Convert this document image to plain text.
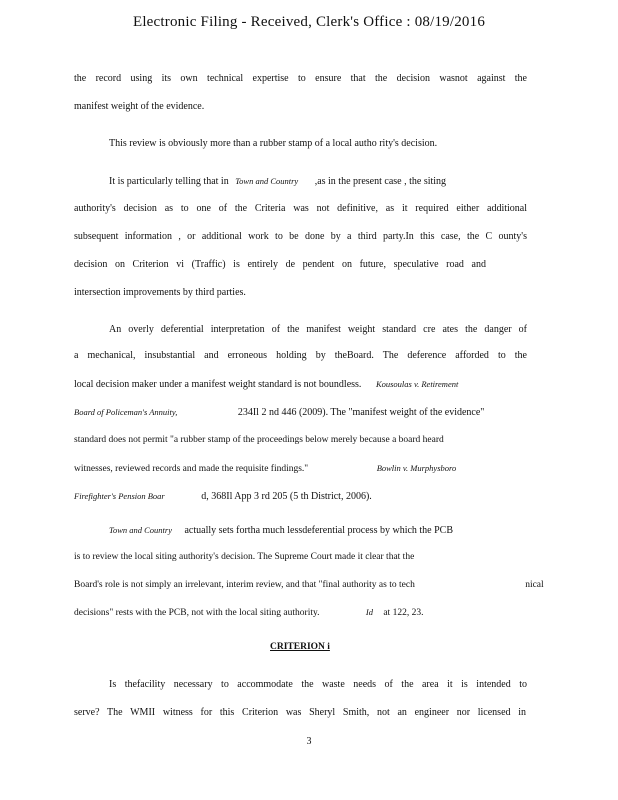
Electronic Filing - Received, Clerk's Office : 08/19/2016
the record using its own technical expertise to ensure that the decision wasnot against the
manifest weight of the evidence.
This review is obviously more than a rubber stamp of a local autho rity's decision.
It is particularly telling that in Town and Country ,as in the present case , the siting
authority's decision as to one of the Criteria was not definitive, as it required either additional
subsequent information , or additional work to be done by a third party.In this case, the C ounty's
decision on Criterion vi (Traffic) is entirely de pendent on future, speculative road and
intersection improvements by third parties.
An overly deferential interpretation of the manifest weight standard cre ates the danger of
a mechanical, insubstantial and erroneous holding by theBoard. The deference afforded to the
local decision maker under a manifest weight standard is not boundless. Kousoulas v. Retirement
Board of Policeman's Annuity,	234Il 2 nd 446 (2009). The "manifest weight of the evidence"
standard does not permit "a rubber stamp of the proceedings below merely because a board heard
witnesses, reviewed records and made the requisite findings."	Bowlin v. Murphysboro
Firefighter's Pension Boar	d, 368Il App 3 rd 205 (5 th District, 2006).
Town and Country actually sets fortha much lessdeferential process by which the PCB
is to review the local siting authority's decision. The Supreme Court made it clear that the
Board's role is not simply an irrelevant, interim review, and that "final authority as to tech	nical
decisions" rests with the PCB, not with the local siting authority.	Id at 122, 23.
CRITERION i
Is thefacility necessary to accommodate the waste needs of the area it is intended to
serve? The WMII witness for this Criterion was Sheryl Smith, not an engineer nor licensed in
3
